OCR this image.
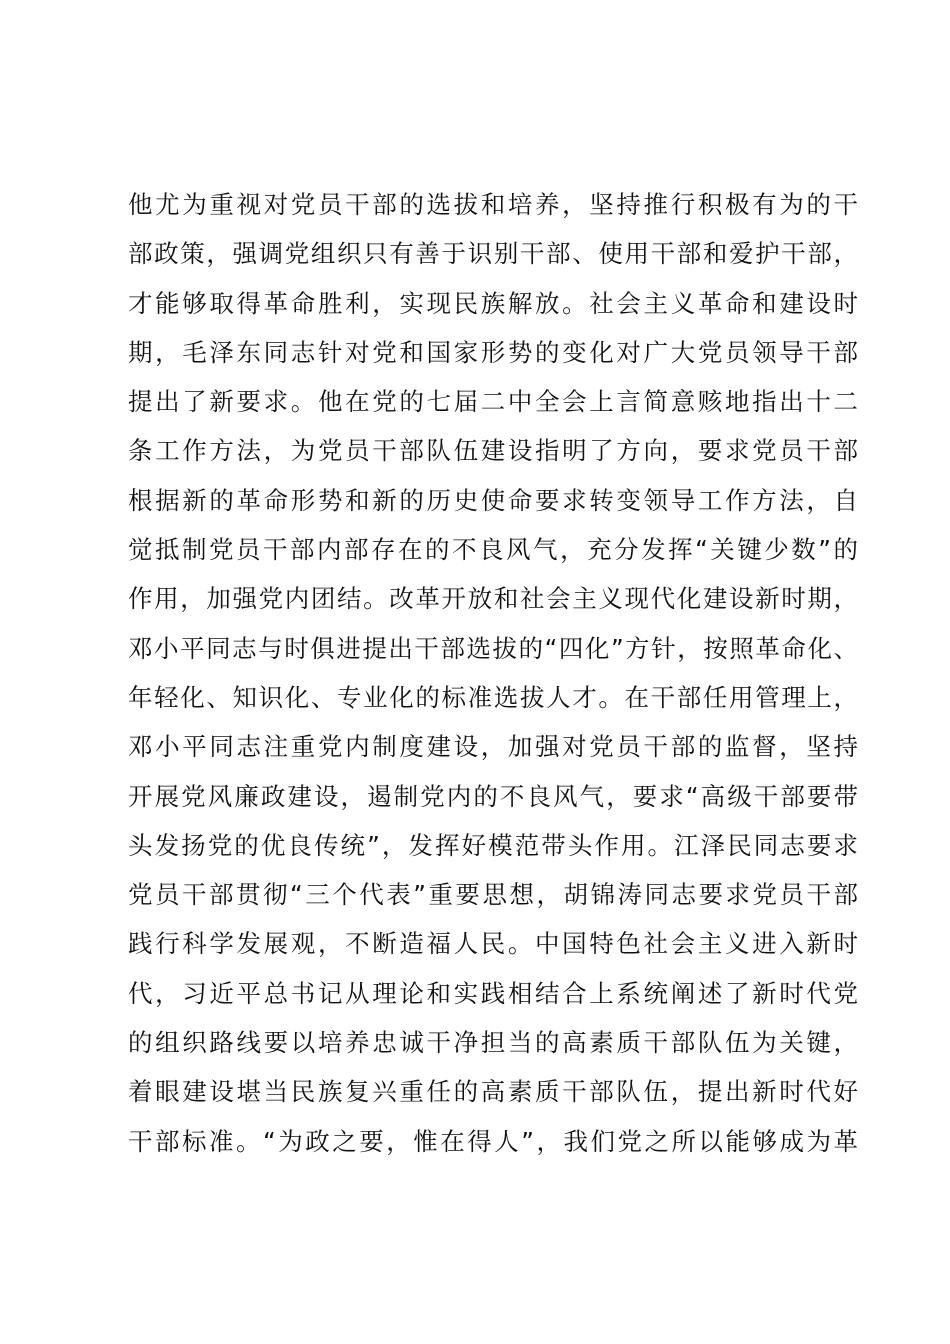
他尤为重视对党员干部的选拔和培养，坚持推行积极有为的干
部政策，强调党组织只有善于识别干部、使用干部和爱护干部，
才能够取得革命胜利，实现民族解放。社会主义革命和建设时
期，毛泽东同志针对党和国家形势的变化对广大党员领导干部
提出了新要求。他在党的七届二中全会上言简意赅地指出十二
条工作方法，为党员干部队伍建设指明了方向，要求党员干部
根据新的革命形势和新的历史使命要求转变领导工作方法，自
觉抵制党员干部内部存在的不良风气，充分发挥“关键少数”的
作用，加强党内团结。改革开放和社会主义现代化建设新时期，
邓小平同志与时俱进提出干部选拔的“四化”方针，按照革命化、
年轻化、知识化、专业化的标准选拔人才。在干部任用管理上，
邓小平同志注重党内制度建设，加强对党员干部的监督，坚持
开展党风廉政建设，遏制党内的不良风气，要求“高级干部要带
头发扬党的优良传统”，发挥好模范带头作用。江泽民同志要求
党员干部贯彻“三个代表”重要思想，胡锦涛同志要求党员干部
践行科学发展观，不断造福人民。中国特色社会主义进入新时
代，习近平总书记从理论和实践相结合上系统阐述了新时代党
的组织路线要以培养忠诚干净担当的高素质干部队伍为关键，
着眼建设堪当民族复兴重任的高素质干部队伍，提出新时代好
干部标准。“为政之要，惟在得人”，我们党之所以能够成为革
